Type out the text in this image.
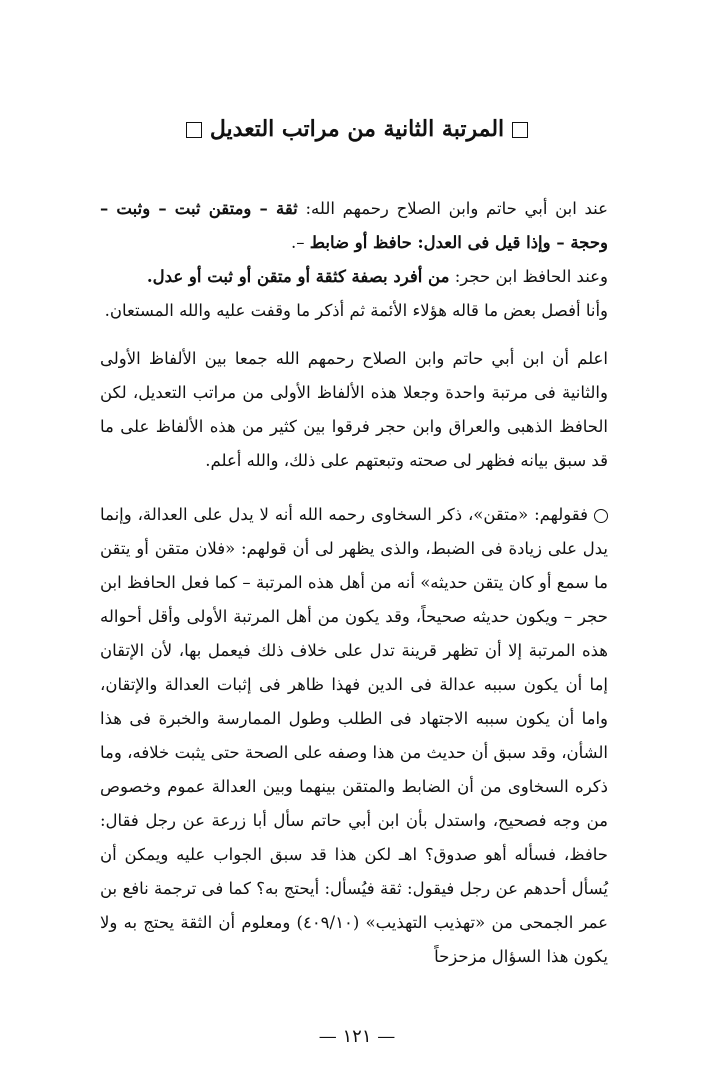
المرتبة الثانية من مراتب التعديل

عند ابن أبي حاتم وابن الصلاح رحمهم الله: ثقة – ومتقن ثبت – وثبت – وحجة – وإذا قيل فى العدل: حافظ أو ضابط –.

وعند الحافظ ابن حجر: من أفرد بصفة كثقة أو متقن أو ثبت أو عدل.

وأنا أفصل بعض ما قاله هؤلاء الأئمة ثم أذكر ما وقفت عليه والله المستعان.

اعلم أن ابن أبي حاتم وابن الصلاح رحمهم الله جمعا بين الألفاظ الأولى والثانية فى مرتبة واحدة وجعلا هذه الألفاظ الأولى من مراتب التعديل، لكن الحافظ الذهبى والعراق وابن حجر فرقوا بين كثير من هذه الألفاظ على ما قد سبق بيانه فظهر لى صحته وتبعتهم على ذلك، والله أعلم.

فقولهم: «متقن»، ذكر السخاوى رحمه الله أنه لا يدل على العدالة، وإنما يدل على زيادة فى الضبط، والذى يظهر لى أن قولهم: «فلان متقن أو يتقن ما سمع أو كان يتقن حديثه» أنه من أهل هذه المرتبة – كما فعل الحافظ ابن حجر – ويكون حديثه صحيحاً، وقد يكون من أهل المرتبة الأولى وأقل أحواله هذه المرتبة إلا أن تظهر قرينة تدل على خلاف ذلك فيعمل بها، لأن الإتقان إما أن يكون سببه عدالة فى الدين فهذا ظاهر فى إثبات العدالة والإتقان، واما أن يكون سببه الاجتهاد فى الطلب وطول الممارسة والخبرة فى هذا الشأن، وقد سبق أن حديث من هذا وصفه على الصحة حتى يثبت خلافه، وما ذكره السخاوى من أن الضابط والمتقن بينهما وبين العدالة عموم وخصوص من وجه فصحيح، واستدل بأن ابن أبي حاتم سأل أبا زرعة عن رجل فقال: حافظ، فسأله أهو صدوق؟ اهـ لكن هذا قد سبق الجواب عليه ويمكن أن يُسأل أحدهم عن رجل فيقول: ثقة فيُسأل: أيحتج به؟ كما فى ترجمة نافع بن عمر الجمحى من «تهذيب التهذيب» (٤٠٩/١٠) ومعلوم أن الثقة يحتج به ولا يكون هذا السؤال مزحزحاً

— ١٢١ —
